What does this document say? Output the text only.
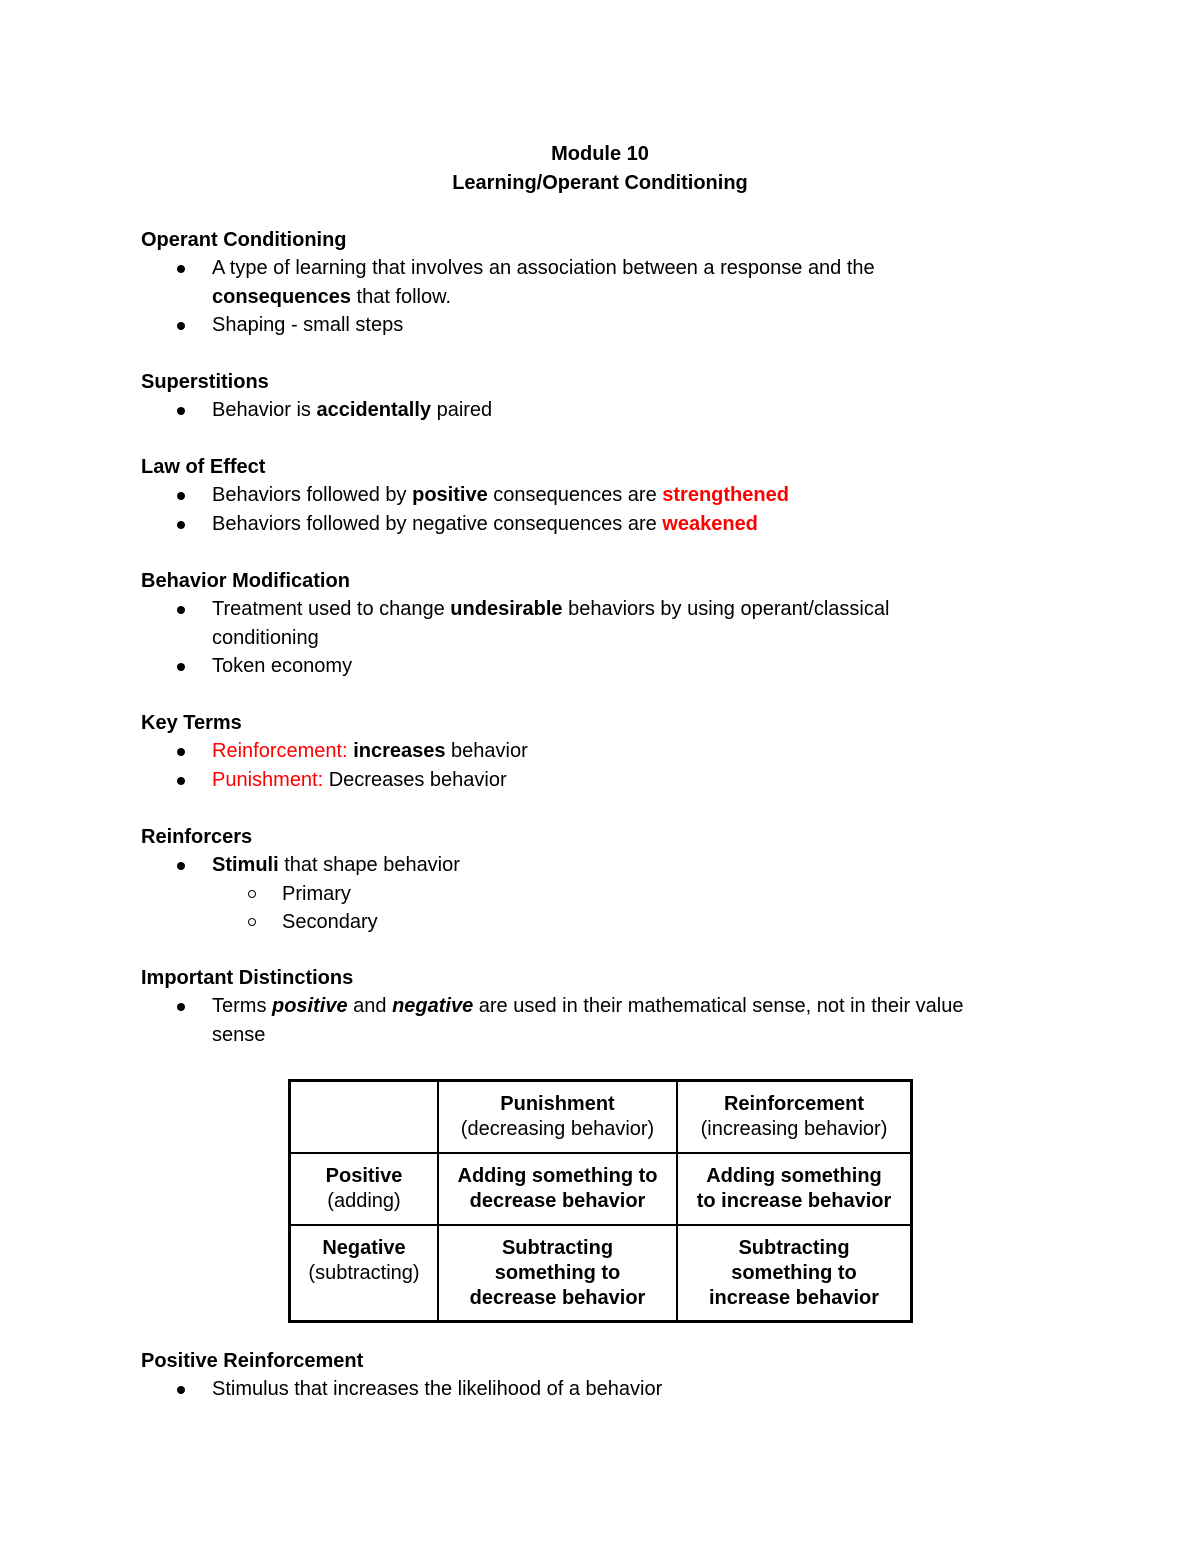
Module 10
Learning/Operant Conditioning
Operant Conditioning
A type of learning that involves an association between a response and the
consequences that follow.
Shaping - small steps
Superstitions
Behavior is accidentally paired
Law of Effect
Behaviors followed by positive consequences are strengthened
Behaviors followed by negative consequences are weakened
Behavior Modification
Treatment used to change undesirable behaviors by using operant/classical
conditioning
Token economy
Key Terms
Reinforcement: increases behavior
Punishment: Decreases behavior
Reinforcers
Stimuli that shape behavior
Primary
Secondary
Important Distinctions
Terms positive and negative are used in their mathematical sense, not in their value
sense

	Punishment
(decreasing behavior)	Reinforcement
(increasing behavior)

Positive
(adding)	Adding something to
decrease behavior	Adding something
to increase behavior

Negative
(subtracting)	Subtracting
something to
decrease behavior	Subtracting
something to
increase behavior
Positive Reinforcement
Stimulus that increases the likelihood of a behavior
